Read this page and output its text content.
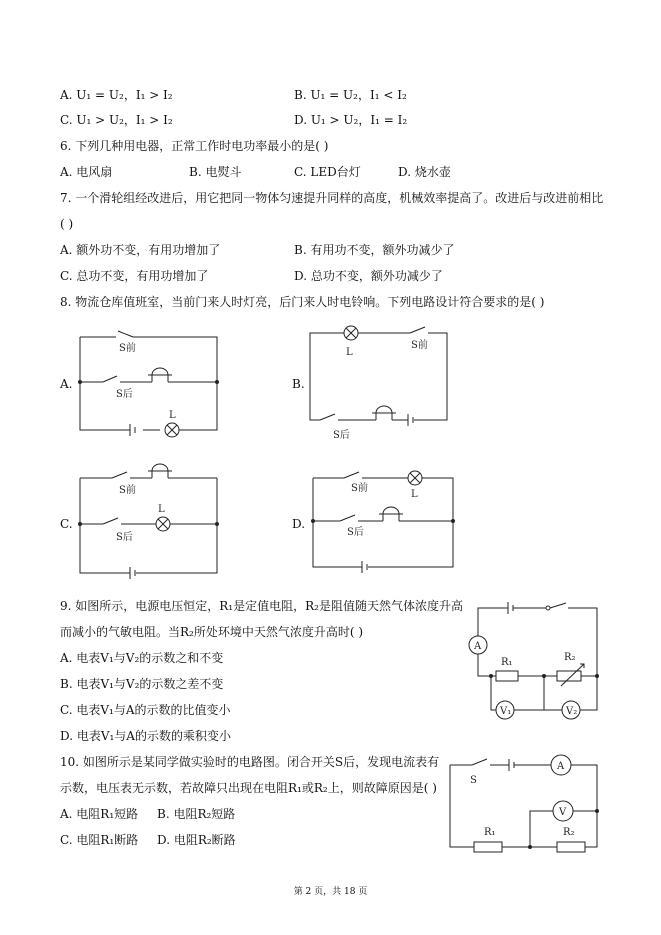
A. U₁ = U₂，I₁ > I₂	B. U₁ = U₂，I₁ < I₂
C. U₁ > U₂，I₁ > I₂	D. U₁ > U₂，I₁ = I₂
6. 下列几种用电器，正常工作时电功率最小的是( )
A. 电风扇	B. 电熨斗	C. LED台灯	D. 烧水壶
7. 一个滑轮组经改进后，用它把同一物体匀速提升同样的高度，机械效率提高了。改进后与改进前相比
( )
A. 额外功不变，有用功增加了	B. 有用功不变，额外功减少了
C. 总功不变，有用功增加了	D. 总功不变，额外功减少了
8. 物流仓库值班室，当前门来人时灯亮，后门来人时电铃响。下列电路设计符合要求的是( )
A.	B.
C.	D.
9. 如图所示，电源电压恒定，R₁是定值电阻，R₂是阻值随天然气体浓度升高
而减小的气敏电阻。当R₂所处环境中天然气浓度升高时( )
A. 电表V₁与V₂的示数之和不变
B. 电表V₁与V₂的示数之差不变
C. 电表V₁与A的示数的比值变小
D. 电表V₁与A的示数的乘积变小
10. 如图所示是某同学做实验时的电路图。闭合开关S后，发现电流表有
示数，电压表无示数，若故障只出现在电阻R₁或R₂上，则故障原因是( )
A. 电阻R₁短路 B. 电阻R₂短路
C. 电阻R₁断路 D. 电阻R₂断路
S前
S后
L
L
S前
S后
S前
S后
L
S前
S后
L
A
R₁	R₂
V₁	V₂
A
S
R₁	R₂
V
第 2 页，共 18 页
